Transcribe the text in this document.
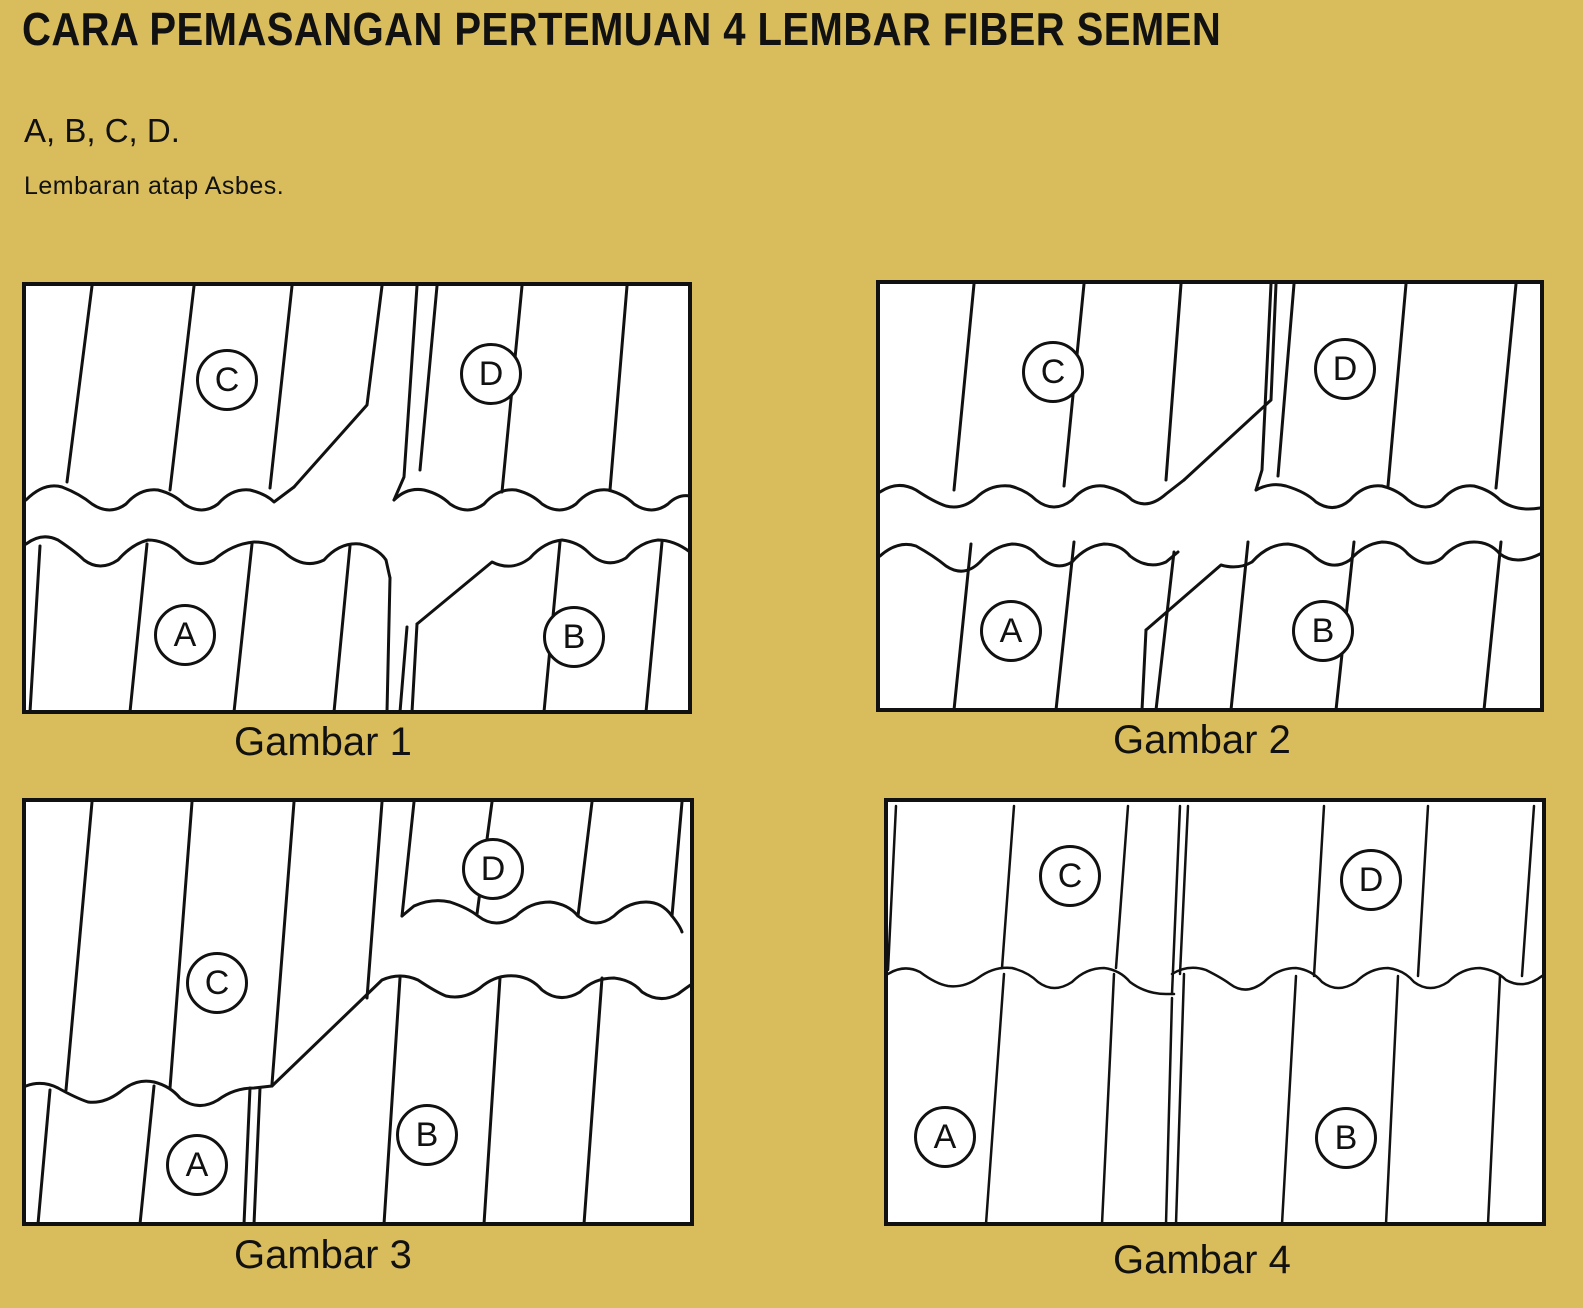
CARA PEMASANGAN PERTEMUAN 4 LEMBAR FIBER SEMEN
A, B, C, D.
Lembaran atap Asbes.
C	D
A	B
Gambar 1
C	D
A	B
Gambar 2
D
C
A
B
Gambar 3
C	D
A	B
Gambar 4
